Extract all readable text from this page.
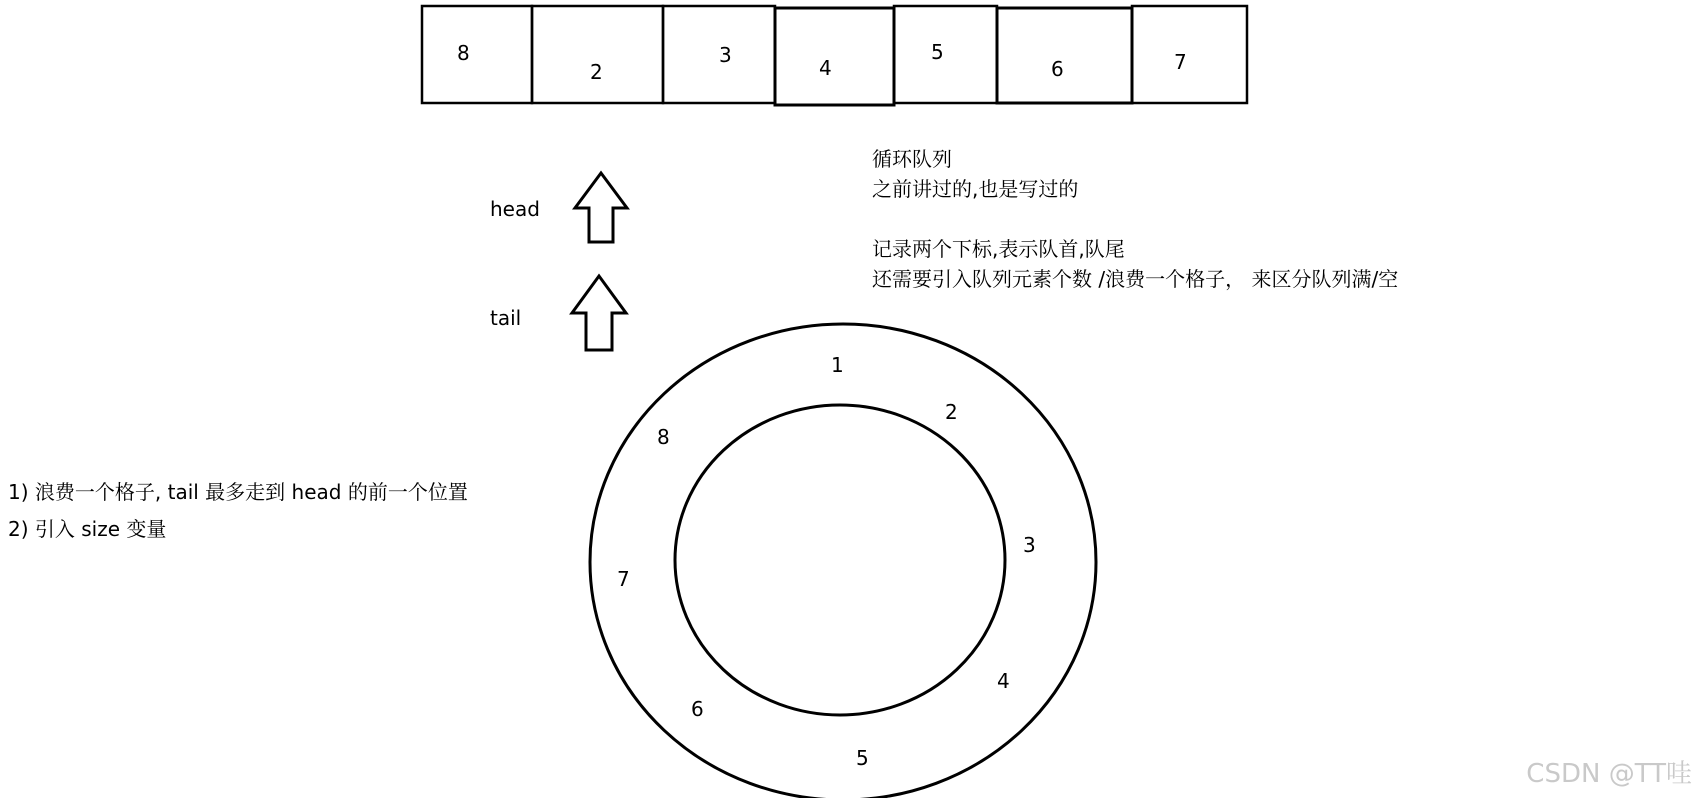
8
2
3
4
5
6	7
head
tail
1
2
3
4
5
6
7
8
循环队列
之前讲过的,也是写过的
记录两个下标,表示队首,队尾
还需要引入队列元素个数 /浪费一个格子， 来区分队列满/空
1) 浪费一个格子, tail 最多走到 head 的前一个位置
2) 引入 size 变量
CSDN @TT哇
